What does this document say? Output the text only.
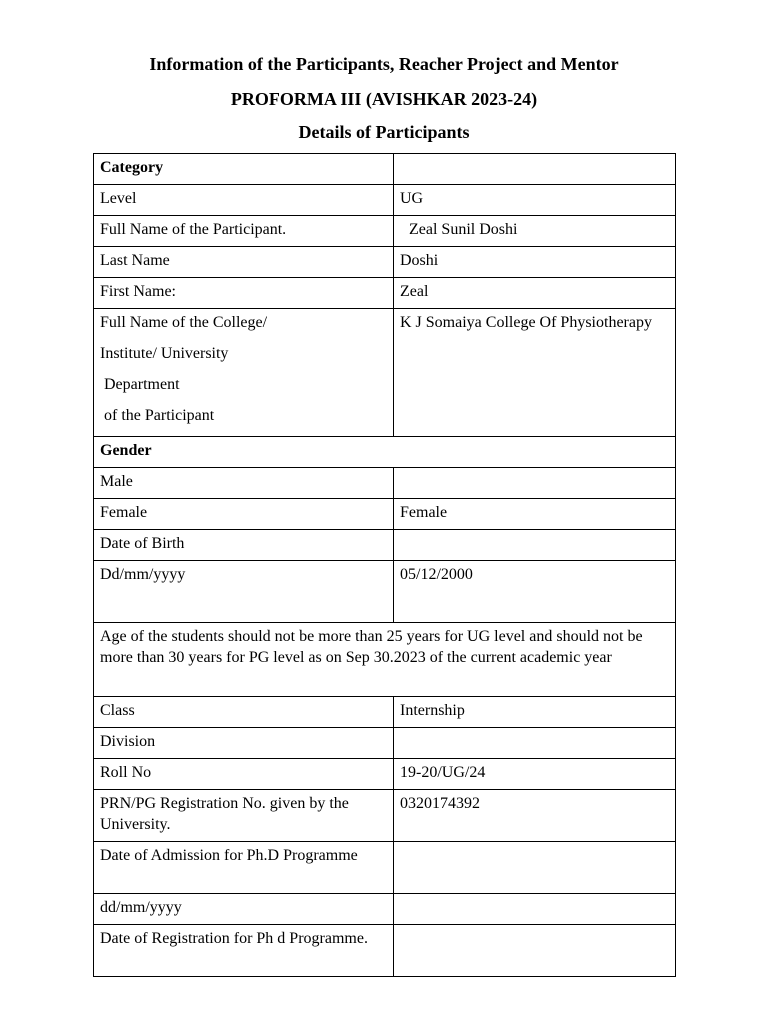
Information of the Participants, Reacher Project and Mentor
PROFORMA III (AVISHKAR 2023-24)
Details of Participants
Category	
Level	UG
Full Name of the Participant.	Zeal Sunil Doshi
Last Name	Doshi
First Name:	Zeal

Full Name of the College/
Institute/ University
Department
of the Participant	K J Somaiya College Of Physiotherapy
Gender	
Male	
Female	Female
Date of Birth	
Dd/mm/yyyy	05/12/2000
Age of the students should not be more than 25 years for UG level and should not be more than 30 years for PG level as on Sep 30.2023 of the current academic year	
Class	Internship
Division	
Roll No	19-20/UG/24
PRN/PG Registration No. given by the University.	0320174392
Date of Admission for Ph.D Programme	
dd/mm/yyyy	
Date of Registration for Ph d Programme.	
